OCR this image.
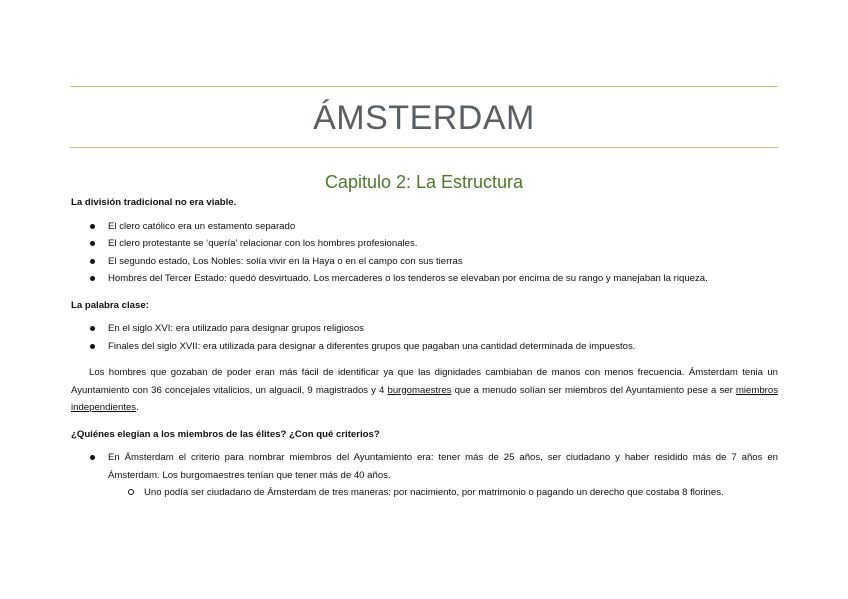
ÁMSTERDAM
Capitulo 2: La Estructura

La división tradicional no era viable.

El clero católico era un estamento separado
El clero protestante se ‘quería’ relacionar con los hombres profesionales.
El segundo estado, Los Nobles: solía vivir en la Haya o en el campo con sus tierras
Hombres del Tercer Estado: quedó desvirtuado. Los mercaderes o los tenderos se elevaban por encima de su rango y manejaban la riqueza.

La palabra clase:

En el siglo XVI: era utilizado para designar grupos religiosos
Finales del siglo XVII: era utilizada para designar a diferentes grupos que pagaban una cantidad determinada de impuestos.

Los hombres que gozaban de poder eran más fácil de identificar ya que las dignidades cambiaban de manos con menos frecuencia. Ámsterdam tenia un Ayuntamiento con 36 concejales vitalicios, un alguacil, 9 magistrados y 4 burgomaestres que a menudo solían ser miembros del Ayuntamiento pese a ser miembros independientes.

¿Quiénes elegían a los miembros de las élites? ¿Con qué criterios?

En Ámsterdam el criterio para nombrar miembros del Ayuntamiento era: tener más de 25 años, ser ciudadano y haber residido más de 7 años en Ámsterdam. Los burgomaestres tenían que tener más de 40 años.
Uno podía ser ciudadano de Ámsterdam de tres maneras: por nacimiento, por matrimonio o pagando un derecho que costaba 8 florines.
